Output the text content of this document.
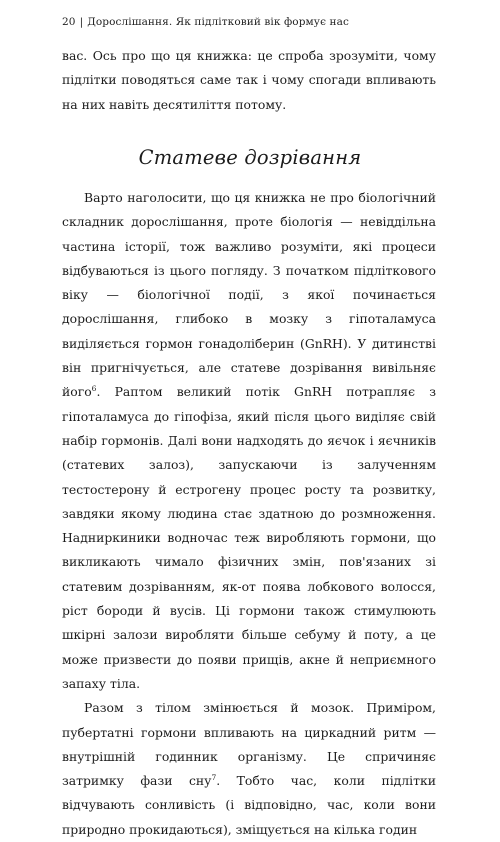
20 | Дорослішання. Як підлітковий вік формує нас

вас. Ось про що ця книжка: це спроба зрозуміти, чому підлітки поводяться саме так і чому спогади впливають на них навіть десятиліття потому.

Статеве дозрівання

Варто наголосити, що ця книжка не про біологічний складник дорослішання, проте біологія — невіддільна частина історії, тож важливо розуміти, які процеси відбуваються із цього погляду. З початком підліткового віку — біологічної події, з якої починається дорослішання, глибоко в мозку з гіпоталамуса виділяється гормон гонадоліберин (GnRH). У дитинстві він пригнічується, але статеве дозрівання вивільняє його$^6$. Раптом великий потік GnRH потрапляє з гіпоталамуса до гіпофіза, який після цього виділяє свій набір гормонів. Далі вони надходять до яєчок і яєчників (статевих залоз), запускаючи із залученням тестостерону й естрогену процес росту та розвитку, завдяки якому людина стає здатною до розмноження. Надниркиники водночас теж виробляють гормони, що викликають чимало фізичних змін, пов'язаних зі статевим дозріванням, як-от поява лобкового волосся, ріст бороди й вусів. Ці гормони також стимулюють шкірні залози виробляти більше себуму й поту, а це може призвести до появи прищів, акне й неприємного запаху тіла.

Разом з тілом змінюється й мозок. Приміром, пубертатні гормони впливають на циркадний ритм — внутрішній годинник організму. Це спричиняє затримку фази сну$^7$. Тобто час, коли підлітки відчувають сонливість (і відповідно, час, коли вони природно прокидаються), зміщується на кілька годин
